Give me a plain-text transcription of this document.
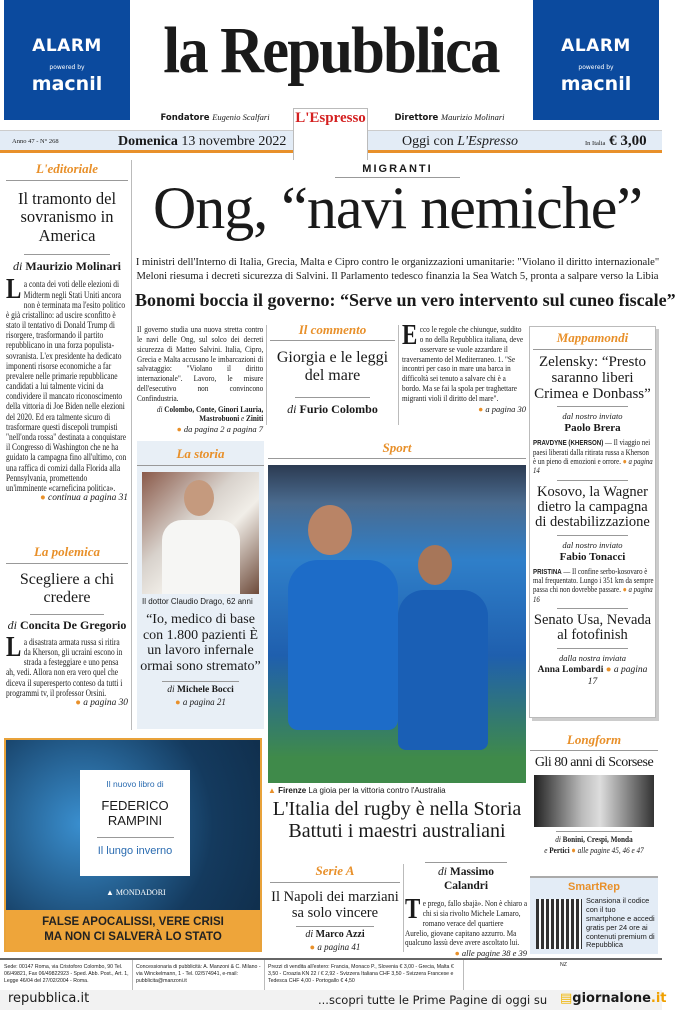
ALARM
powered by
macnil
ALARM
powered by
macnil
la Repubblica
Fondatore Eugenio Scalfari	Direttore Maurizio Molinari
L'Espresso
Anno 47 - N° 268	Domenica 13 novembre 2022	Oggi con L'Espresso	In Italia € 3,00
L'editoriale
Il tramonto del sovranismo in America
di Maurizio Molinari
La conta dei voti delle elezioni di Midterm negli Stati Uniti ancora non è terminata ma l'esito politico è già cristallino: ad uscire sconfitto è stato il tentativo di Donald Trump di risorgere, trasformando il partito repubblicano in una forza populista-sovranista. L'ex presidente ha dedicato imponenti risorse economiche a far prevalere nelle primarie repubblicane candidati a lui talmente vicini da condividere il mancato riconoscimento della vittoria di Joe Biden nelle elezioni del 2020. Ed era talmente sicuro di trasformare questi discepoli trumpisti "nell'onda rossa" destinata a conquistare il Congresso di Washington che ne ha guidato la campagna fino all'ultimo, con una raffica di comizi dalla Florida alla Pennsylvania, promettendo un'imminente «carneficina politica».
● continua a pagina 31
La polemica
Scegliere a chi credere
di Concita De Gregorio
La disastrata armata russa si ritira da Kherson, gli ucraini escono in strada a festeggiare e uno pensa ah, vedi. Allora non era vero quel che diceva il superesperto conteso da tutti i programmi tv, il professor Orsini.
● a pagina 30
Il nuovo libro di
FEDERICO
RAMPINI
Il lungo inverno
▲ MONDADORI
FALSE APOCALISSI, VERE CRISI
MA NON CI SALVERÀ LO STATO
MIGRANTI
Ong, “navi nemiche”
I ministri dell'Interno di Italia, Grecia, Malta e Cipro contro le organizzazioni umanitarie: "Violano il diritto internazionale"
Meloni riesuma i decreti sicurezza di Salvini. Il Parlamento tedesco finanzia la Sea Watch 5, pronta a salpare verso la Libia
Bonomi boccia il governo: “Serve un vero intervento sul cuneo fiscale”
Il governo studia una nuova stretta contro le navi delle Ong, sul solco dei decreti sicurezza di Matteo Salvini. Italia, Cipro, Grecia e Malta accusano le imbarcazioni di salvataggio: "Violano il diritto internazionale". Lavoro, le misure dell'esecutivo non convincono Confindustria.
di Colombo, Conte, Ginori Lauria, Mastrobuoni e Ziniti
● da pagina 2 a pagina 7
Il commento
Giorgia e le leggi del mare
di Furio Colombo
Ecco le regole che chiunque, suddito o no della Repubblica italiana, deve osservare se vuole azzardare il traversamento del Mediterraneo. 1. "Se incontri per caso in mare una barca in difficoltà sei tenuto a salvare chi è a bordo. Ma se fai la spola per traghettare migranti violi il diritto del mare".
● a pagina 30
La storia
Il dottor Claudio Drago, 62 anni
“Io, medico di base con 1.800 pazienti È un lavoro infernale ormai sono stremato”
di Michele Bocci
● a pagina 21
Sport
▲ Firenze La gioia per la vittoria contro l'Australia
L'Italia del rugby è nella Storia
Battuti i maestri australiani
Serie A
Il Napoli dei marziani sa solo vincere
di Marco Azzi
● a pagina 41
di Massimo Calandri
Te prego, fallo sbajà». Non è chiaro a chi si sia rivolto Michele Lamaro, romano verace del quartiere Aurelio, giovane capitano azzurro. Ma qualcuno lassù deve avere ascoltato lui.
● alle pagine 38 e 39
Mappamondi
Zelensky: “Presto saranno liberi Crimea e Donbass”
dal nostro inviato
Paolo Brera
PRAVDYNE (KHERSON) — Il viaggio nei paesi liberati dalla ritirata russa a Kherson è un pieno di emozioni e orrore. ● a pagina 14
Kosovo, la Wagner dietro la campagna di destabilizzazione
dal nostro inviato
Fabio Tonacci
PRISTINA — Il confine serbo-kosovaro è mal frequentato. Lungo i 351 km da sempre passa chi non dovrebbe passare. ● a pagina 16
Senato Usa, Nevada al fotofinish
dalla nostra inviata
Anna Lombardi ● a pagina 17
Longform
Gli 80 anni di Scorsese
di Bonini, Crespi, Monda
e Pertici ● alle pagine 45, 46 e 47
SmartRep
Scansiona il codice con il tuo smartphone e accedi gratis per 24 ore ai contenuti premium di Repubblica
Sede: 00147 Roma, via Cristoforo Colombo, 90 Tel. 06/49821, Fax 06/49822923 - Sped. Abb. Post., Art. 1, Legge 46/04 del 27/02/2004 - Roma.
Concessionaria di pubblicità: A. Manzoni & C. Milano - via Winckelmann, 1 - Tel. 02/574941, e-mail: pubblicita@manzoni.it
Prezzi di vendita all'estero: Francia, Monaco P., Slovenia € 3,00 - Grecia, Malta € 3,50 - Croazia KN 22 / € 2,92 - Svizzera Italiana CHF 3,50 - Svizzera Francese e Tedesca CHF 4,00 - Portogallo € 4,50
NZ
repubblica.it	...scopri tutte le Prime Pagine di oggi su ▤giornalone.it
